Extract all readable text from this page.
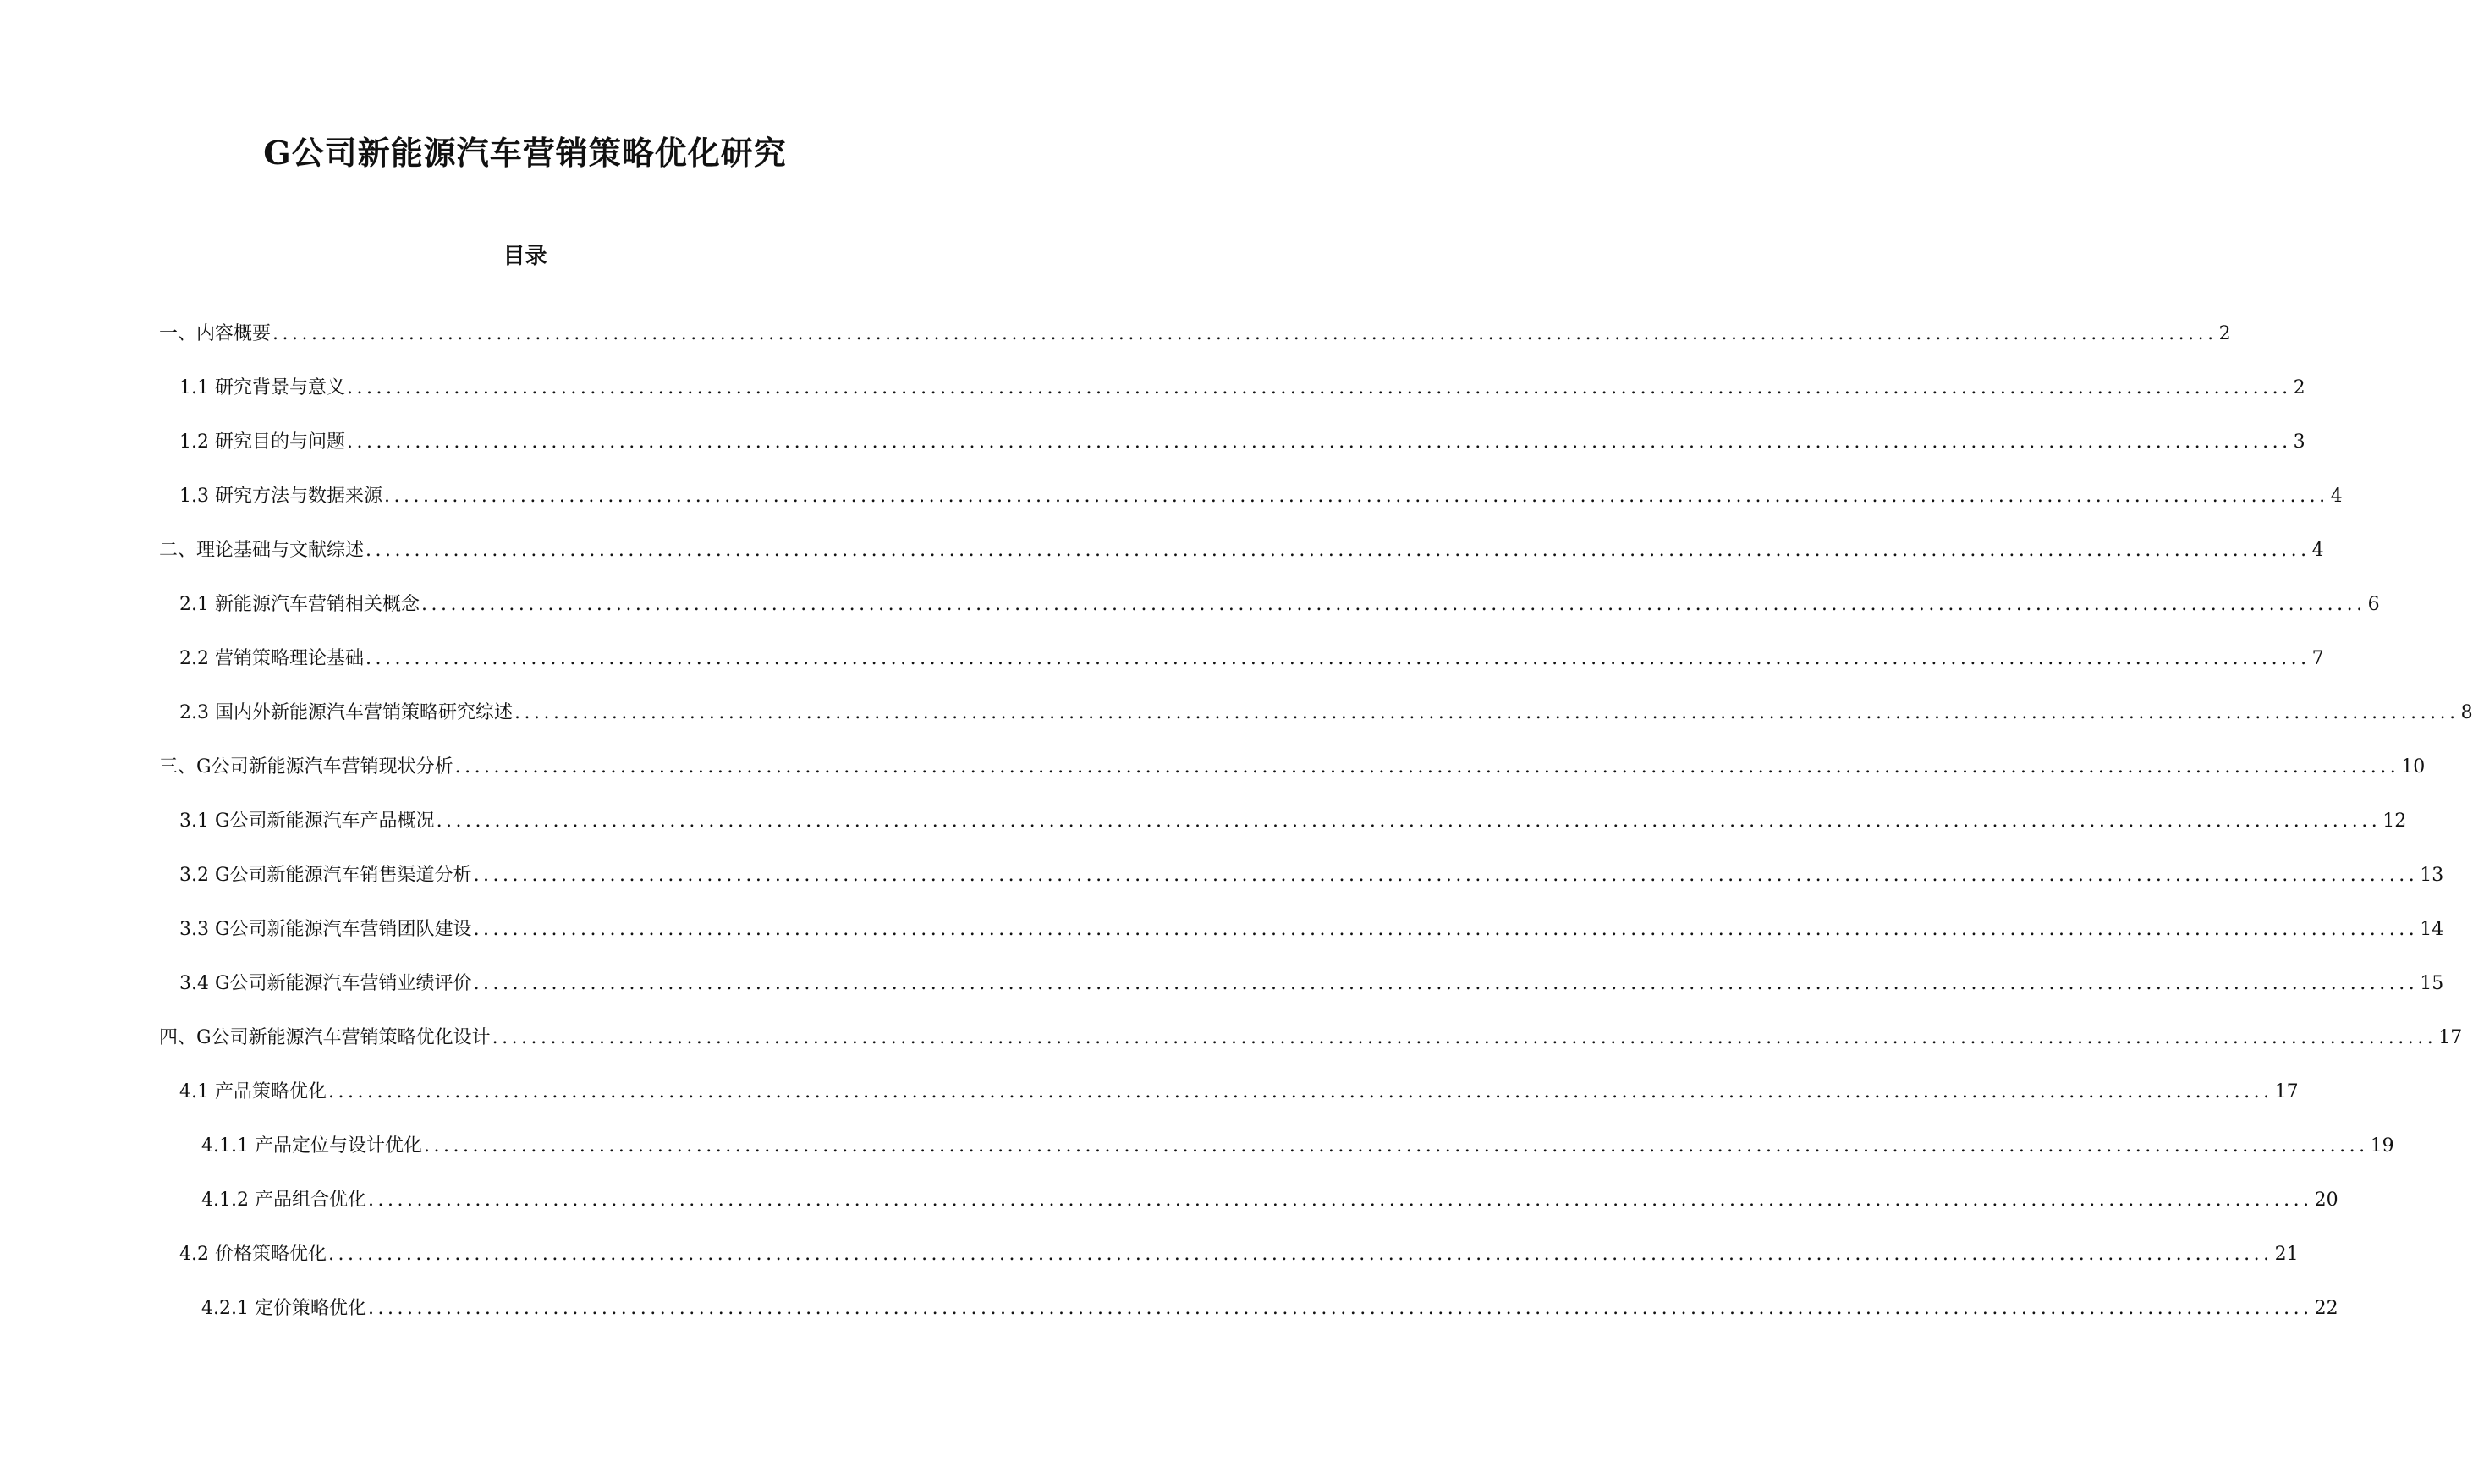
G公司新能源汽车营销策略优化研究
目录
一、内容概要 ........................................................................................................................................................................................................ 2
1.1 研究背景与意义 ........................................................................................................................................................................................................ 2
1.2 研究目的与问题 ........................................................................................................................................................................................................ 3
1.3 研究方法与数据来源 ........................................................................................................................................................................................................ 4
二、理论基础与文献综述 ........................................................................................................................................................................................................ 4
2.1 新能源汽车营销相关概念 ........................................................................................................................................................................................................ 6
2.2 营销策略理论基础 ........................................................................................................................................................................................................ 7
2.3 国内外新能源汽车营销策略研究综述 ........................................................................................................................................................................................................ 8
三、G公司新能源汽车营销现状分析 ........................................................................................................................................................................................................ 10
3.1 G公司新能源汽车产品概况 ........................................................................................................................................................................................................ 12
3.2 G公司新能源汽车销售渠道分析 ........................................................................................................................................................................................................ 13
3.3 G公司新能源汽车营销团队建设 ........................................................................................................................................................................................................ 14
3.4 G公司新能源汽车营销业绩评价 ........................................................................................................................................................................................................ 15
四、G公司新能源汽车营销策略优化设计 ........................................................................................................................................................................................................ 17
4.1 产品策略优化 ........................................................................................................................................................................................................ 17
4.1.1 产品定位与设计优化 ........................................................................................................................................................................................................ 19
4.1.2 产品组合优化 ........................................................................................................................................................................................................ 20
4.2 价格策略优化 ........................................................................................................................................................................................................ 21
4.2.1 定价策略优化 ........................................................................................................................................................................................................ 22
